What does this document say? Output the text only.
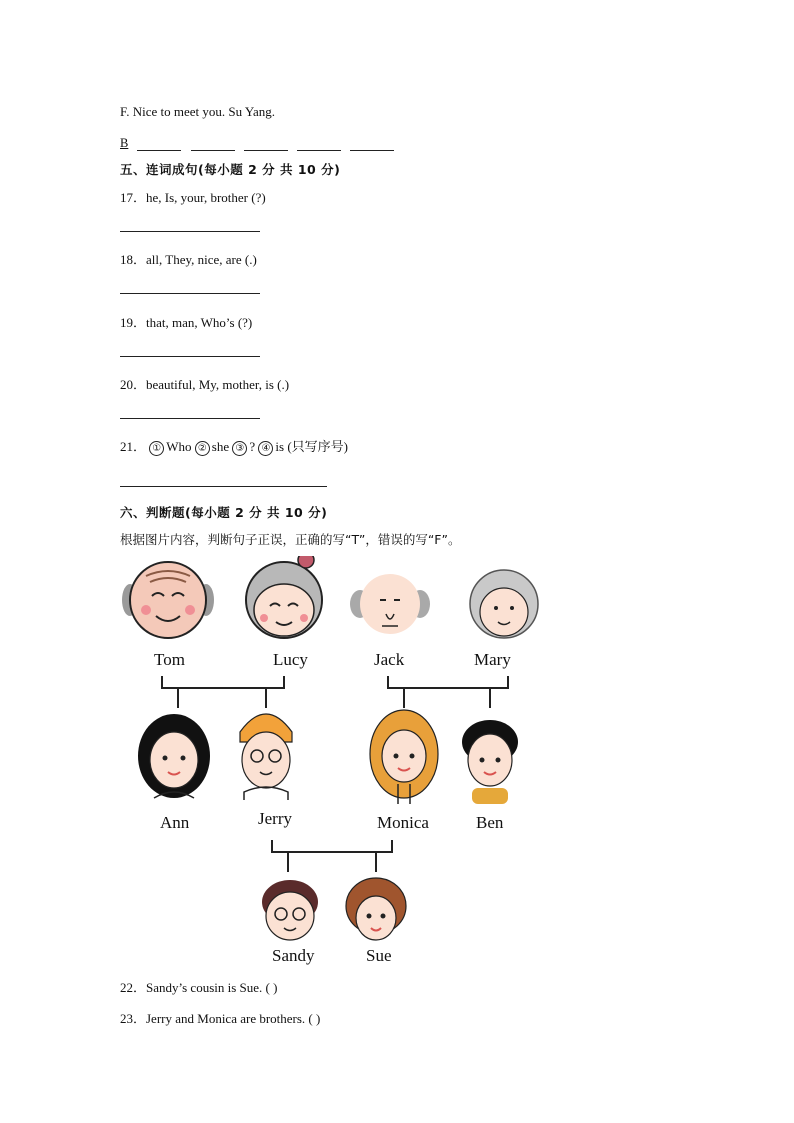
F. Nice to meet you. Su Yang.
B
五、连词成句(每小题 2 分 共 10 分)
17．he, Is, your, brother (?)
18．all, They, nice, are (.)
19．that, man, Who’s (?)
20．beautiful, My, mother, is (.)
21． ① Who ② she ③ ? ④ is (只写序号)
六、判断题(每小题 2 分 共 10 分)
根据图片内容，判断句子正误，正确的写“T”，错误的写“F”。
Tom	Lucy	Jack	Mary
Ann	Jerry	Monica	Ben
Sandy	Sue
22．Sandy’s cousin is Sue. ( )
23．Jerry and Monica are brothers. ( )
